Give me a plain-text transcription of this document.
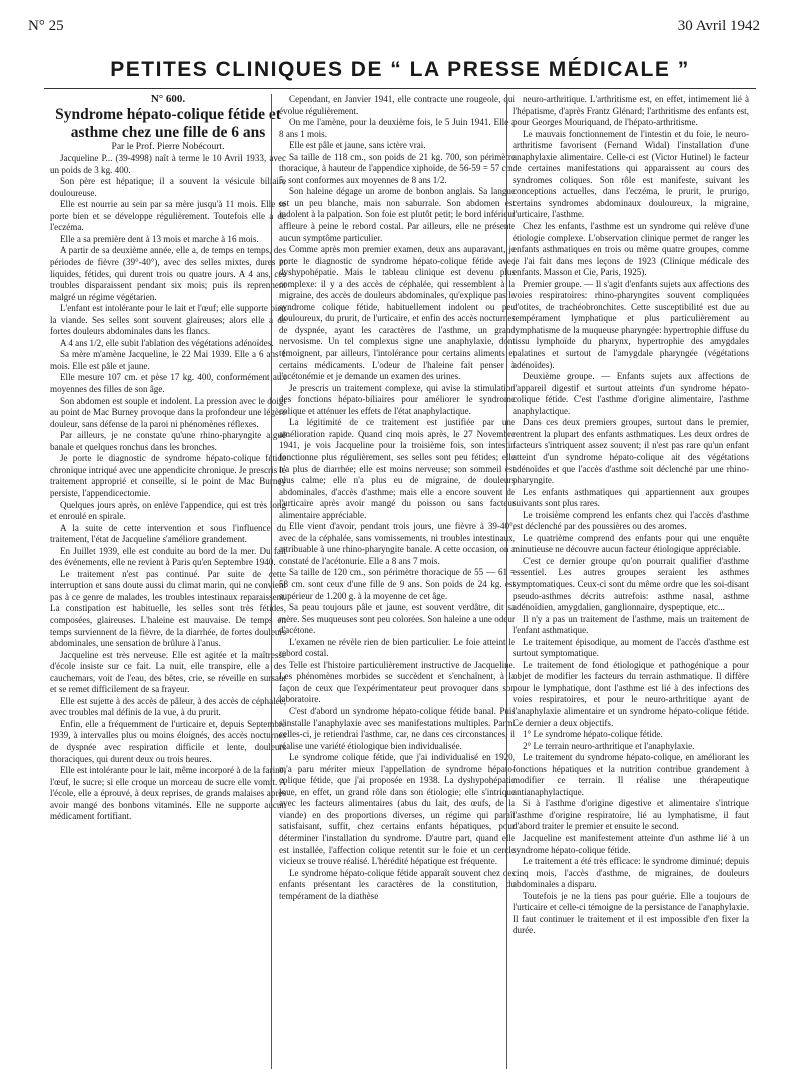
N° 25	30 Avril 1942
PETITES CLINIQUES DE “ LA PRESSE MÉDICALE ”

N° 600.

Syndrome hépato-colique fétide et asthme chez une fille de 6 ans

Par le Prof. Pierre Nobécourt.

Jacqueline P... (39-4998) naît à terme le 10 Avril 1933, avec un poids de 3 kg. 400.

Son père est hépatique; il a souvent la vésicule biliaire douloureuse.

Elle est nourrie au sein par sa mère jusqu'à 11 mois. Elle se porte bien et se développe régulièrement. Toutefois elle a de l'eczéma.

Elle a sa première dent à 13 mois et marche à 16 mois.

A partir de sa deuxième année, elle a, de temps en temps, des périodes de fièvre (39°-40°), avec des selles mixtes, dures et liquides, fétides, qui durent trois ou quatre jours. A 4 ans, ces troubles disparaissent pendant six mois; puis ils reprennent malgré un régime végétarien.

L'enfant est intolérante pour le lait et l'œuf; elle supporte bien la viande. Ses selles sont souvent glaireuses; alors elle a de fortes douleurs abdominales dans les flancs.

A 4 ans 1/2, elle subit l'ablation des végétations adénoïdes.

Sa mère m'amène Jacqueline, le 22 Mai 1939. Elle a 6 ans 1 mois. Elle est pâle et jaune.

Elle mesure 107 cm. et pèse 17 kg. 400, conformément aux moyennes des filles de son âge.

Son abdomen est souple et indolent. La pression avec le doigt au point de Mac Burney provoque dans la profondeur une légère douleur, sans défense de la paroi ni phénomènes réflexes.

Par ailleurs, je ne constate qu'une rhino-pharyngite aiguë banale et quelques ronchus dans les bronches.

Je porte le diagnostic de syndrome hépato-colique fétide chronique intriqué avec une appendicite chronique. Je prescris le traitement approprié et conseille, si le point de Mac Burney persiste, l'appendicectomie.

Quelques jours après, on enlève l'appendice, qui est très long et enroulé en spirale.

A la suite de cette intervention et sous l'influence du traitement, l'état de Jacqueline s'améliore grandement.

En Juillet 1939, elle est conduite au bord de la mer. Du fait des événements, elle ne revient à Paris qu'en Septembre 1940.

Le traitement n'est pas continué. Par suite de cette interruption et sans doute aussi du climat marin, qui ne convient pas à ce genre de malades, les troubles intestinaux reparaissent. La constipation est habituelle, les selles sont très fétides, composées, glaireuses. L'haleine est mauvaise. De temps en temps surviennent de la fièvre, de la diarrhée, de fortes douleurs abdominales, une sensation de brûlure à l'anus.

Jacqueline est très nerveuse. Elle est agitée et la maîtresse d'école insiste sur ce fait. La nuit, elle transpire, elle a des cauchemars, voit de l'eau, des bêtes, crie, se réveille en sursaut et se remet difficilement de sa frayeur.

Elle est sujette à des accès de pâleur, à des accès de céphalée, avec troubles mal définis de la vue, à du prurit.

Enfin, elle a fréquemment de l'urticaire et, depuis Septembre 1939, à intervalles plus ou moins éloignés, des accès nocturnes de dyspnée avec respiration difficile et lente, douleurs thoraciques, qui durent deux ou trois heures.

Elle est intolérante pour le lait, même incorporé à de la farine, l'œuf, le sucre; si elle croque un morceau de sucre elle vomit. A l'école, elle a éprouvé, à deux reprises, de grands malaises après avoir mangé des bonbons vitaminés. Elle ne supporte aucun médicament fortifiant.

Cependant, en Janvier 1941, elle contracte une rougeole, qui évolue régulièrement.

On me l'amène, pour la deuxième fois, le 5 Juin 1941. Elle a 8 ans 1 mois.

Elle est pâle et jaune, sans ictère vrai.

Sa taille de 118 cm., son poids de 21 kg. 700, son périmètre thoracique, à hauteur de l'appendice xiphoïde, de 56-59 = 57 cm. 5, sont conformes aux moyennes de 8 ans 1/2.

Son haleine dégage un arome de bonbon anglais. Sa langue est un peu blanche, mais non saburrale. Son abdomen est indolent à la palpation. Son foie est plutôt petit; le bord inférieur affleure à peine le rebord costal. Par ailleurs, elle ne présente aucun symptôme particulier.

Comme après mon premier examen, deux ans auparavant, je porte le diagnostic de syndrome hépato-colique fétide avec dyshypohépatie. Mais le tableau clinique est devenu plus complexe: il y a des accès de céphalée, qui ressemblent à la migraine, des accès de douleurs abdominales, qu'explique pas le syndrome colique fétide, habituellement indolent ou peu douloureux, du prurit, de l'urticaire, et enfin des accès nocturnes de dyspnée, ayant les caractères de l'asthme, un grand nervosisme. Un tel complexus signe une anaphylaxie, dont témoignent, par ailleurs, l'intolérance pour certains aliments et certains médicaments. L'odeur de l'haleine fait penser à l'acétonémie et je demande un examen des urines.

Je prescris un traitement complexe, qui avise la stimulation des fonctions hépato-biliaires pour améliorer le syndrome colique et atténuer les effets de l'état anaphylactique.

La légitimité de ce traitement est justifiée par une amélioration rapide. Quand cinq mois après, le 27 Novembre 1941, je vois Jacqueline pour la troisième fois, son intestin fonctionne plus régulièrement, ses selles sont peu fétides; elle n'a plus de diarrhée; elle est moins nerveuse; son sommeil est plus calme; elle n'a plus eu de migraine, de douleurs abdominales, d'accès d'asthme; mais elle a encore souvent de l'urticaire après avoir mangé du poisson ou sans facteur alimentaire appréciable.

Elle vient d'avoir, pendant trois jours, une fièvre à 39-40°, avec de la céphalée, sans vomissements, ni troubles intestinaux, attribuable à une rhino-pharyngite banale. A cette occasion, on a constaté de l'acétonurie. Elle a 8 ans 7 mois.

Sa taille de 120 cm., son périmètre thoracique de 55 — 61 = 58 cm. sont ceux d'une fille de 9 ans. Son poids de 24 kg. est supérieur de 1.200 g. à la moyenne de cet âge.

Sa peau toujours pâle et jaune, est souvent verdâtre, dit sa mère. Ses muqueuses sont peu colorées. Son haleine a une odeur d'acétone.

L'examen ne révèle rien de bien particulier. Le foie atteint le rebord costal.

Telle est l'histoire particulièrement instructive de Jacqueline. Les phénomènes morbides se succèdent et s'enchaînent, à la façon de ceux que l'expérimentateur peut provoquer dans son laboratoire.

C'est d'abord un syndrome hépato-colique fétide banal. Puis s'installe l'anaphylaxie avec ses manifestations multiples. Parmi celles-ci, je retiendrai l'asthme, car, ne dans ces circonstances, il réalise une variété étiologique bien individualisée.

Le syndrome colique fétide, que j'ai individualisé en 1920, m'a paru mériter mieux l'appellation de syndrome hépato-colique fétide, que j'ai proposée en 1938. La dyshypohépatie joue, en effet, un grand rôle dans son étiologie; elle s'intrique avec les facteurs alimentaires (abus du lait, des œufs, de la viande) en des proportions diverses, un régime qui paraît satisfaisant, suffit, chez certains enfants hépatiques, pour déterminer l'installation du syndrome. D'autre part, quand elle est installée, l'affection colique retentit sur le foie et un cercle vicieux se trouve réalisé. L'hérédité hépatique est fréquente.

Le syndrome hépato-colique fétide apparaît souvent chez des enfants présentant les caractères de la constitution, du tempérament de la diathèse

neuro-arthritique. L'arthritisme est, en effet, intimement lié à l'hépatisme, d'après Frantz Glénard; l'arthritisme des enfants est, pour Georges Mouriquand, de l'hépato-arthritisme.

Le mauvais fonctionnement de l'intestin et du foie, le neuro-arthritisme favorisent (Fernand Widal) l'installation d'une anaphylaxie alimentaire. Celle-ci est (Victor Hutinel) le facteur de certaines manifestations qui apparaissent au cours des syndromes coliques. Son rôle est manifeste, suivant les conceptions actuelles, dans l'eczéma, le prurit, le prurigo, certains syndromes abdominaux douloureux, la migraine, l'urticaire, l'asthme.

Chez les enfants, l'asthme est un syndrome qui relève d'une étiologie complexe. L'observation clinique permet de ranger les enfants asthmatiques en trois ou même quatre groupes, comme je l'ai fait dans mes leçons de 1923 (Clinique médicale des enfants. Masson et Cie, Paris, 1925).

Premier groupe. — Il s'agit d'enfants sujets aux affections des voies respiratoires: rhino-pharyngites souvent compliquées d'otites, de trachéobronchites. Cette susceptibilité est due au tempérament lymphatique et plus particulièrement au lymphatisme de la muqueuse pharyngée: hypertrophie diffuse du tissu lymphoïde du pharynx, hypertrophie des amygdales palatines et surtout de l'amygdale pharyngée (végétations adénoïdes).

Deuxième groupe. — Enfants sujets aux affections de l'appareil digestif et surtout atteints d'un syndrome hépato-colique fétide. C'est l'asthme d'origine alimentaire, l'asthme anaphylactique.

Dans ces deux premiers groupes, surtout dans le premier, rentrent la plupart des enfants asthmatiques. Les deux ordres de facteurs s'intriquent assez souvent; il n'est pas rare qu'un enfant atteint d'un syndrome hépato-colique ait des végétations adénoïdes et que l'accès d'asthme soit déclenché par une rhino-pharyngite.

Les enfants asthmatiques qui appartiennent aux groupes suivants sont plus rares.

Le troisième comprend les enfants chez qui l'accès d'asthme est déclenché par des poussières ou des aromes.

Le quatrième comprend des enfants pour qui une enquête minutieuse ne découvre aucun facteur étiologique appréciable.

C'est ce dernier groupe qu'on pourrait qualifier d'asthme essentiel. Les autres groupes seraient les asthmes symptomatiques. Ceux-ci sont du même ordre que les soi-disant pseudo-asthmes décrits autrefois: asthme nasal, asthme adénoïdien, amygdalien, ganglionnaire, dyspeptique, etc...

Il n'y a pas un traitement de l'asthme, mais un traitement de l'enfant asthmatique.

Le traitement épisodique, au moment de l'accès d'asthme est surtout symptomatique.

Le traitement de fond étiologique et pathogénique a pour objet de modifier les facteurs du terrain asthmatique. Il diffère pour le lymphatique, dont l'asthme est lié à des infections des voies respiratoires, et pour le neuro-arthritique ayant de l'anaphylaxie alimentaire et un syndrome hépato-colique fétide. Ce dernier a deux objectifs.

1° Le syndrome hépato-colique fétide.

2° Le terrain neuro-arthritique et l'anaphylaxie.

Le traitement du syndrome hépato-colique, en améliorant les fonctions hépatiques et la nutrition contribue grandement à modifier ce terrain. Il réalise une thérapeutique antianaphylactique.

Si à l'asthme d'origine digestive et alimentaire s'intrique l'asthme d'origine respiratoire, lié au lymphatisme, il faut d'abord traiter le premier et ensuite le second.

Jacqueline est manifestement atteinte d'un asthme lié à un syndrome hépato-colique fétide.

Le traitement a été très efficace: le syndrome diminué; depuis cinq mois, l'accès d'asthme, de migraines, de douleurs abdominales a disparu.

Toutefois je ne la tiens pas pour guérie. Elle a toujours de l'urticaire et celle-ci témoigne de la persistance de l'anaphylaxie. Il faut continuer le traitement et il est impossible d'en fixer la durée.
